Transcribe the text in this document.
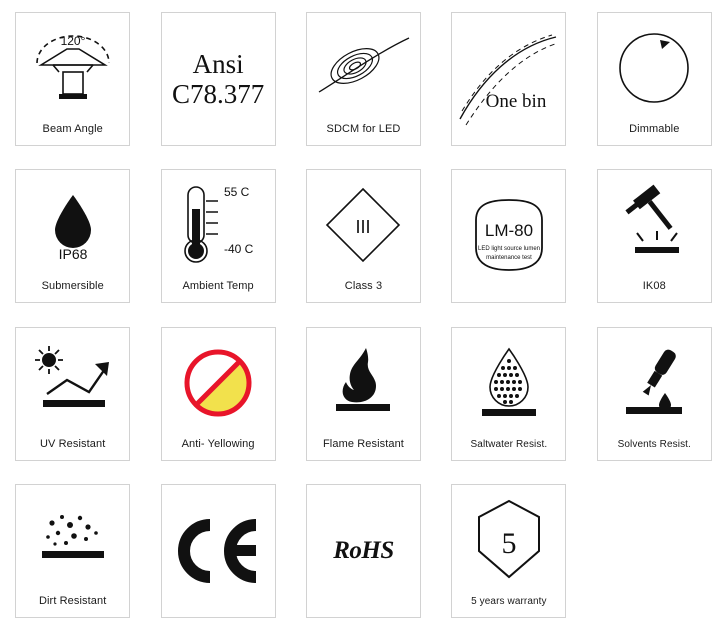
120°
Beam Angle
Ansi
C78.377
SDCM for LED
One bin
Dimmable
IP68
Submersible
55 C
-40 C
Ambient Temp
III
Class 3
LM-80
LED light source lumen
maintenance test
IK08
UV Resistant	Anti- Yellowing	Flame Resistant	Saltwater Resist.	Solvents Resist.
Dirt Resistant
RoHS	5
5 years warranty
